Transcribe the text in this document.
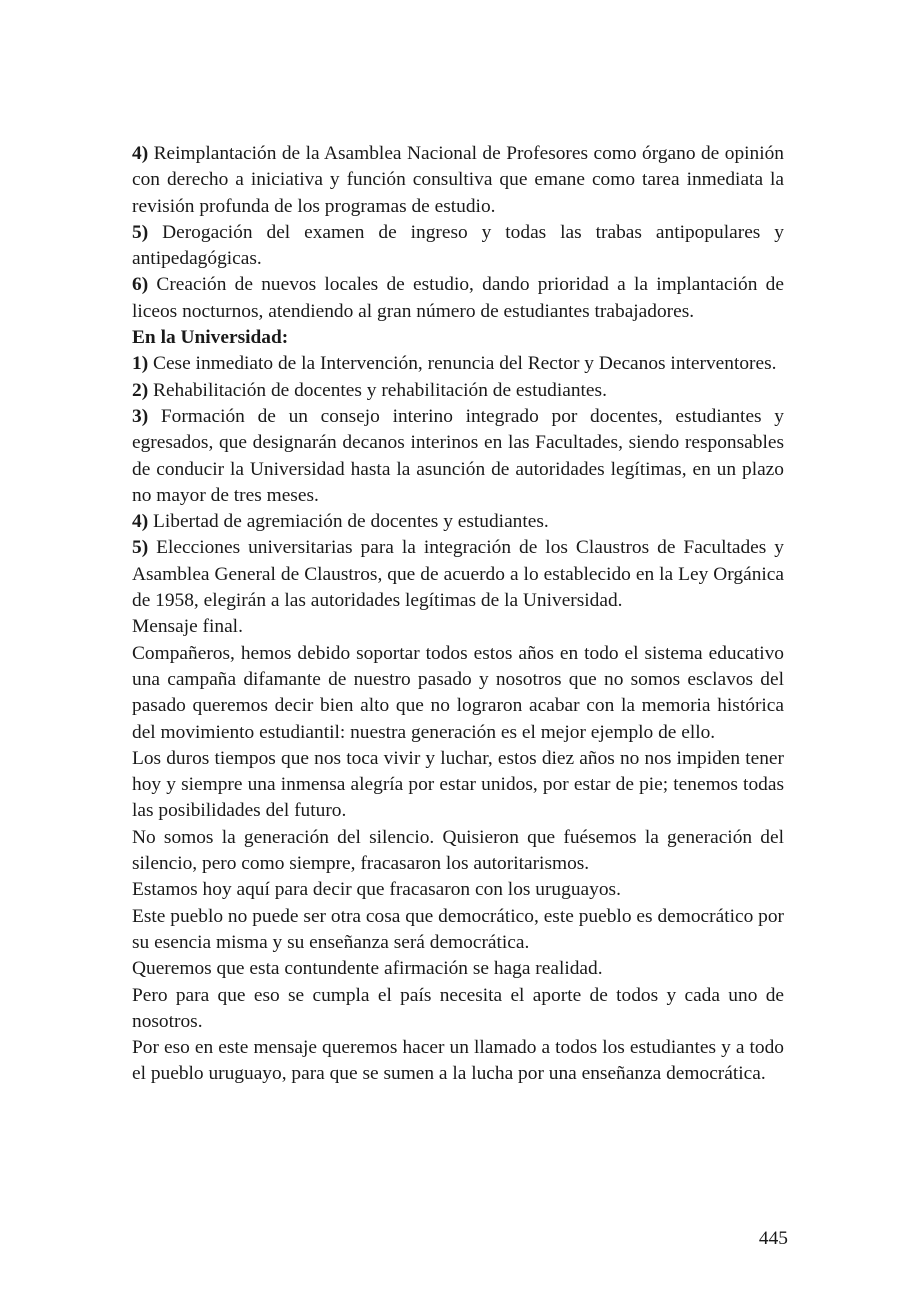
4) Reimplantación de la Asamblea Nacional de Profesores como órgano de opinión con derecho a iniciativa y función consultiva que emane como tarea inmediata la revisión profunda de los programas de estudio.

5) Derogación del examen de ingreso y todas las trabas antipopulares y antipedagógicas.

6) Creación de nuevos locales de estudio, dando prioridad a la implantación de liceos nocturnos, atendiendo al gran número de estudiantes trabajadores.

En la Universidad:

1) Cese inmediato de la Intervención, renuncia del Rector y Decanos interventores.

2) Rehabilitación de docentes y rehabilitación de estudiantes.

3) Formación de un consejo interino integrado por docentes, estudiantes y egresados, que designarán decanos interinos en las Facultades, siendo responsables de conducir la Universidad hasta la asunción de autoridades legítimas, en un plazo no mayor de tres meses.

4) Libertad de agremiación de docentes y estudiantes.

5) Elecciones universitarias para la integración de los Claustros de Facultades y Asamblea General de Claustros, que de acuerdo a lo establecido en la Ley Orgánica de 1958, elegirán a las autoridades legítimas de la Universidad.

Mensaje final.

Compañeros, hemos debido soportar todos estos años en todo el sistema educativo una campaña difamante de nuestro pasado y nosotros que no somos esclavos del pasado queremos decir bien alto que no lograron acabar con la memoria histórica del movimiento estudiantil: nuestra generación es el mejor ejemplo de ello.

Los duros tiempos que nos toca vivir y luchar, estos diez años no nos impiden tener hoy y siempre una inmensa alegría por estar unidos, por estar de pie; tenemos todas las posibilidades del futuro.

No somos la generación del silencio. Quisieron que fuésemos la generación del silencio, pero como siempre, fracasaron los autoritarismos.

Estamos hoy aquí para decir que fracasaron con los uruguayos.

Este pueblo no puede ser otra cosa que democrático, este pueblo es democrático por su esencia misma y su enseñanza será democrática.

Queremos que esta contundente afirmación se haga realidad.

Pero para que eso se cumpla el país necesita el aporte de todos y cada uno de nosotros.

Por eso en este mensaje queremos hacer un llamado a todos los estudiantes y a todo el pueblo uruguayo, para que se sumen a la lucha por una enseñanza democrática.

445
